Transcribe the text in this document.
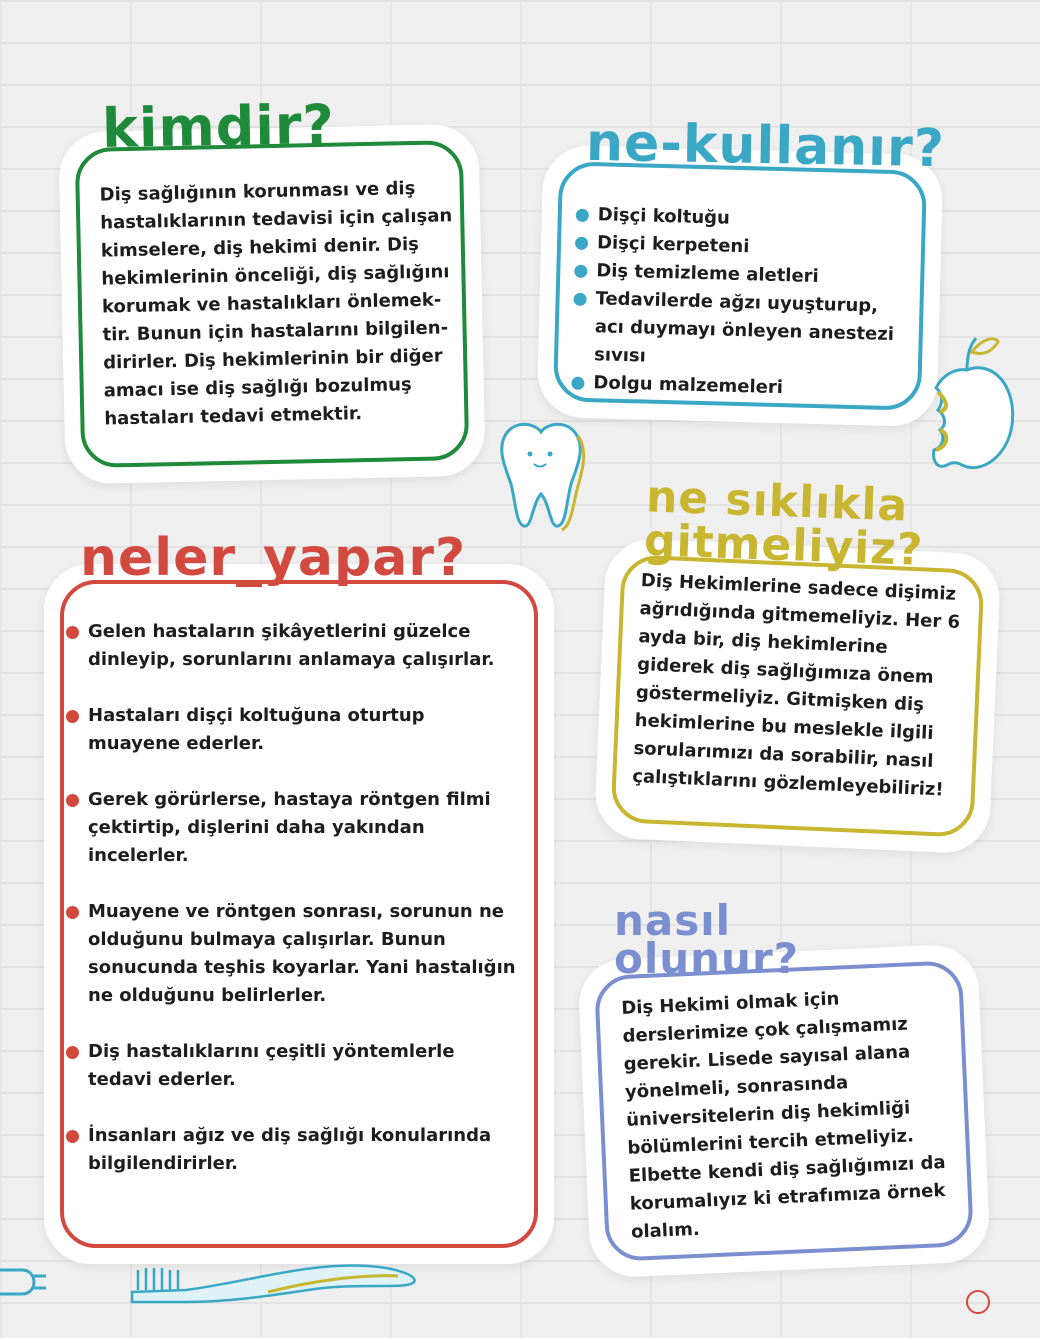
Diş sağlığının korunması ve diş
hastalıklarının tedavisi için çalışan
kimselere, diş hekimi denir. Diş
hekimlerinin önceliği, diş sağlığını
korumak ve hastalıkları önlemek-
tir. Bunun için hastalarını bilgilen-
dirirler. Diş hekimlerinin bir diğer
amacı ise diş sağlığı bozulmuş
hastaları tedavi etmektir.
kimdir?
Dişçi koltuğu
Dişçi kerpeteni
Diş temizleme aletleri
Tedavilerde ağzı uyuşturup, acı duymayı önleyen anestezi sıvısı
Dolgu malzemeleri
ne-kullanır?
Gelen hastaların şikâyetlerini güzelce dinleyip, sorunlarını anlamaya çalışırlar.
Hastaları dişçi koltuğuna oturtup muayene ederler.
Gerek görürlerse, hastaya röntgen filmi çektirtip, dişlerini daha yakından incelerler.
Muayene ve röntgen sonrası, sorunun ne olduğunu bulmaya çalışırlar. Bunun sonucunda teşhis koyarlar. Yani hastalığın ne olduğunu belirlerler.
Diş hastalıklarını çeşitli yöntemlerle tedavi ederler.
İnsanları ağız ve diş sağlığı konularında bilgilendirirler.
neler_yapar?	Diş Hekimlerine sadece dişimiz
ağrıdığında gitmemeliyiz. Her 6
ayda bir, diş hekimlerine
giderek diş sağlığımıza önem
göstermeliyiz. Gitmişken diş
hekimlerine bu meslekle ilgili
sorularımızı da sorabilir, nasıl
çalıştıklarını gözlemleyebiliriz!
ne sıklıkla
gitmeliyiz?
Diş Hekimi olmak için
derslerimize çok çalışmamız
gerekir. Lisede sayısal alana
yönelmeli, sonrasında
üniversitelerin diş hekimliği
bölümlerini tercih etmeliyiz.
Elbette kendi diş sağlığımızı da
korumalıyız ki etrafımıza örnek
olalım.
nasıl
olunur?
